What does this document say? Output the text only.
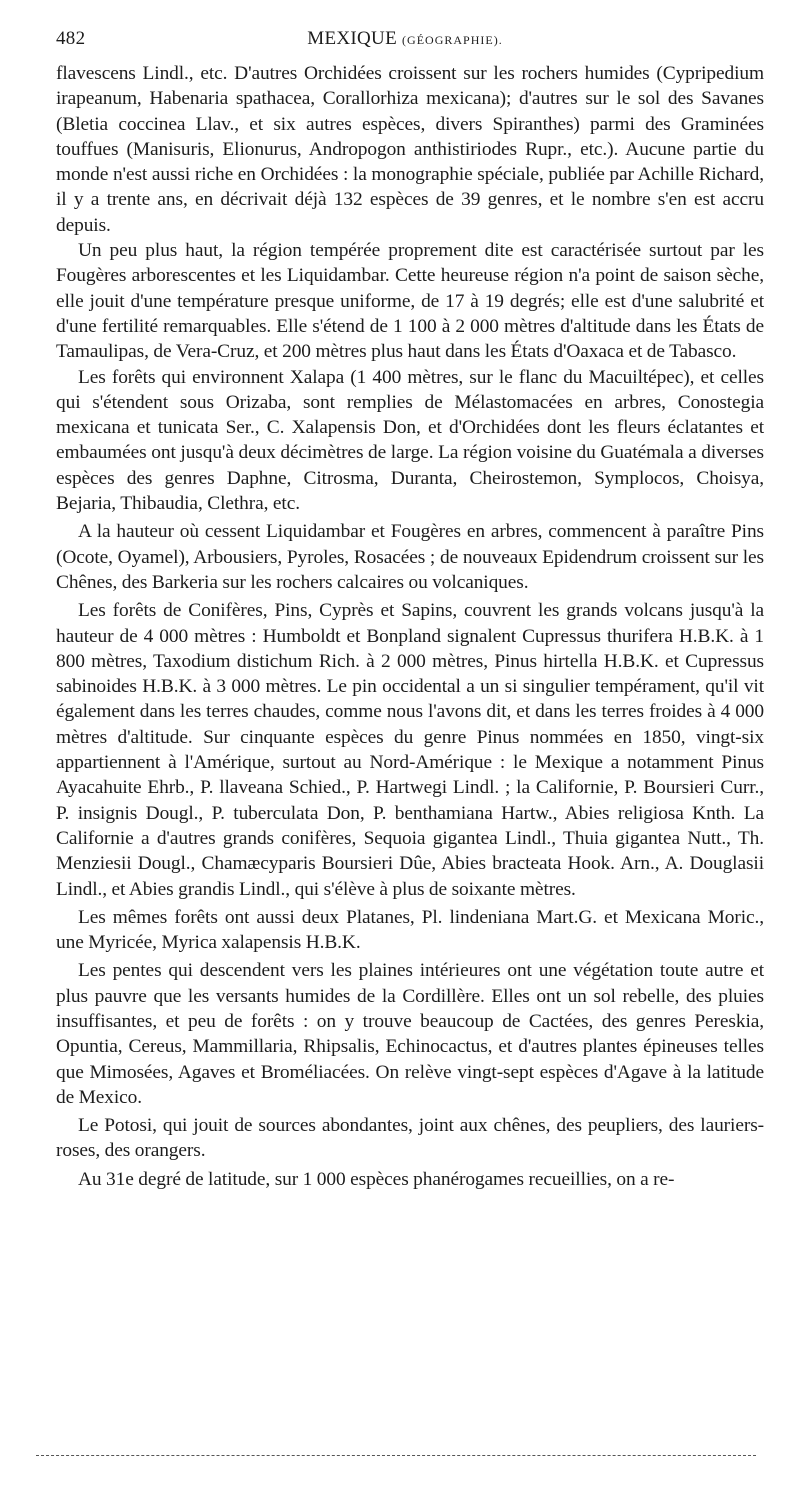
482	MEXIQUE (GÉOGRAPHIE).

flavescens Lindl., etc. D'autres Orchidées croissent sur les rochers humides (Cypripedium irapeanum, Habenaria spathacea, Corallorhiza mexicana); d'autres sur le sol des Savanes (Bletia coccinea Llav., et six autres espèces, divers Spiranthes) parmi des Graminées touffues (Manisuris, Elionurus, Andropogon anthistiriodes Rupr., etc.). Aucune partie du monde n'est aussi riche en Orchidées : la monographie spéciale, publiée par Achille Richard, il y a trente ans, en décrivait déjà 132 espèces de 39 genres, et le nombre s'en est accru depuis.

Un peu plus haut, la région tempérée proprement dite est caractérisée surtout par les Fougères arborescentes et les Liquidambar. Cette heureuse région n'a point de saison sèche, elle jouit d'une température presque uniforme, de 17 à 19 degrés; elle est d'une salubrité et d'une fertilité remarquables. Elle s'étend de 1 100 à 2 000 mètres d'altitude dans les États de Tamaulipas, de Vera-Cruz, et 200 mètres plus haut dans les États d'Oaxaca et de Tabasco.

Les forêts qui environnent Xalapa (1 400 mètres, sur le flanc du Macuiltépec), et celles qui s'étendent sous Orizaba, sont remplies de Mélastomacées en arbres, Conostegia mexicana et tunicata Ser., C. Xalapensis Don, et d'Orchidées dont les fleurs éclatantes et embaumées ont jusqu'à deux décimètres de large. La région voisine du Guatémala a diverses espèces des genres Daphne, Citrosma, Duranta, Cheirostemon, Symplocos, Choisya, Bejaria, Thibaudia, Clethra, etc.

A la hauteur où cessent Liquidambar et Fougères en arbres, commencent à paraître Pins (Ocote, Oyamel), Arbousiers, Pyroles, Rosacées ; de nouveaux Epidendrum croissent sur les Chênes, des Barkeria sur les rochers calcaires ou volcaniques.

Les forêts de Conifères, Pins, Cyprès et Sapins, couvrent les grands volcans jusqu'à la hauteur de 4 000 mètres : Humboldt et Bonpland signalent Cupressus thurifera H.B.K. à 1 800 mètres, Taxodium distichum Rich. à 2 000 mètres, Pinus hirtella H.B.K. et Cupressus sabinoides H.B.K. à 3 000 mètres. Le pin occidental a un si singulier tempérament, qu'il vit également dans les terres chaudes, comme nous l'avons dit, et dans les terres froides à 4 000 mètres d'altitude. Sur cinquante espèces du genre Pinus nommées en 1850, vingt-six appartiennent à l'Amérique, surtout au Nord-Amérique : le Mexique a notamment Pinus Ayacahuite Ehrb., P. llaveana Schied., P. Hartwegi Lindl. ; la Californie, P. Boursieri Curr., P. insignis Dougl., P. tuberculata Don, P. benthamiana Hartw., Abies religiosa Knth. La Californie a d'autres grands conifères, Sequoia gigantea Lindl., Thuia gigantea Nutt., Th. Menziesii Dougl., Chamæcyparis Boursieri Dûe, Abies bracteata Hook. Arn., A. Douglasii Lindl., et Abies grandis Lindl., qui s'élève à plus de soixante mètres.

Les mêmes forêts ont aussi deux Platanes, Pl. lindeniana Mart.G. et Mexicana Moric., une Myricée, Myrica xalapensis H.B.K.

Les pentes qui descendent vers les plaines intérieures ont une végétation toute autre et plus pauvre que les versants humides de la Cordillère. Elles ont un sol rebelle, des pluies insuffisantes, et peu de forêts : on y trouve beaucoup de Cactées, des genres Pereskia, Opuntia, Cereus, Mammillaria, Rhipsalis, Echinocactus, et d'autres plantes épineuses telles que Mimosées, Agaves et Broméliacées. On relève vingt-sept espèces d'Agave à la latitude de Mexico.

Le Potosi, qui jouit de sources abondantes, joint aux chênes, des peupliers, des lauriers-roses, des orangers.

Au 31e degré de latitude, sur 1 000 espèces phanérogames recueillies, on a re-
